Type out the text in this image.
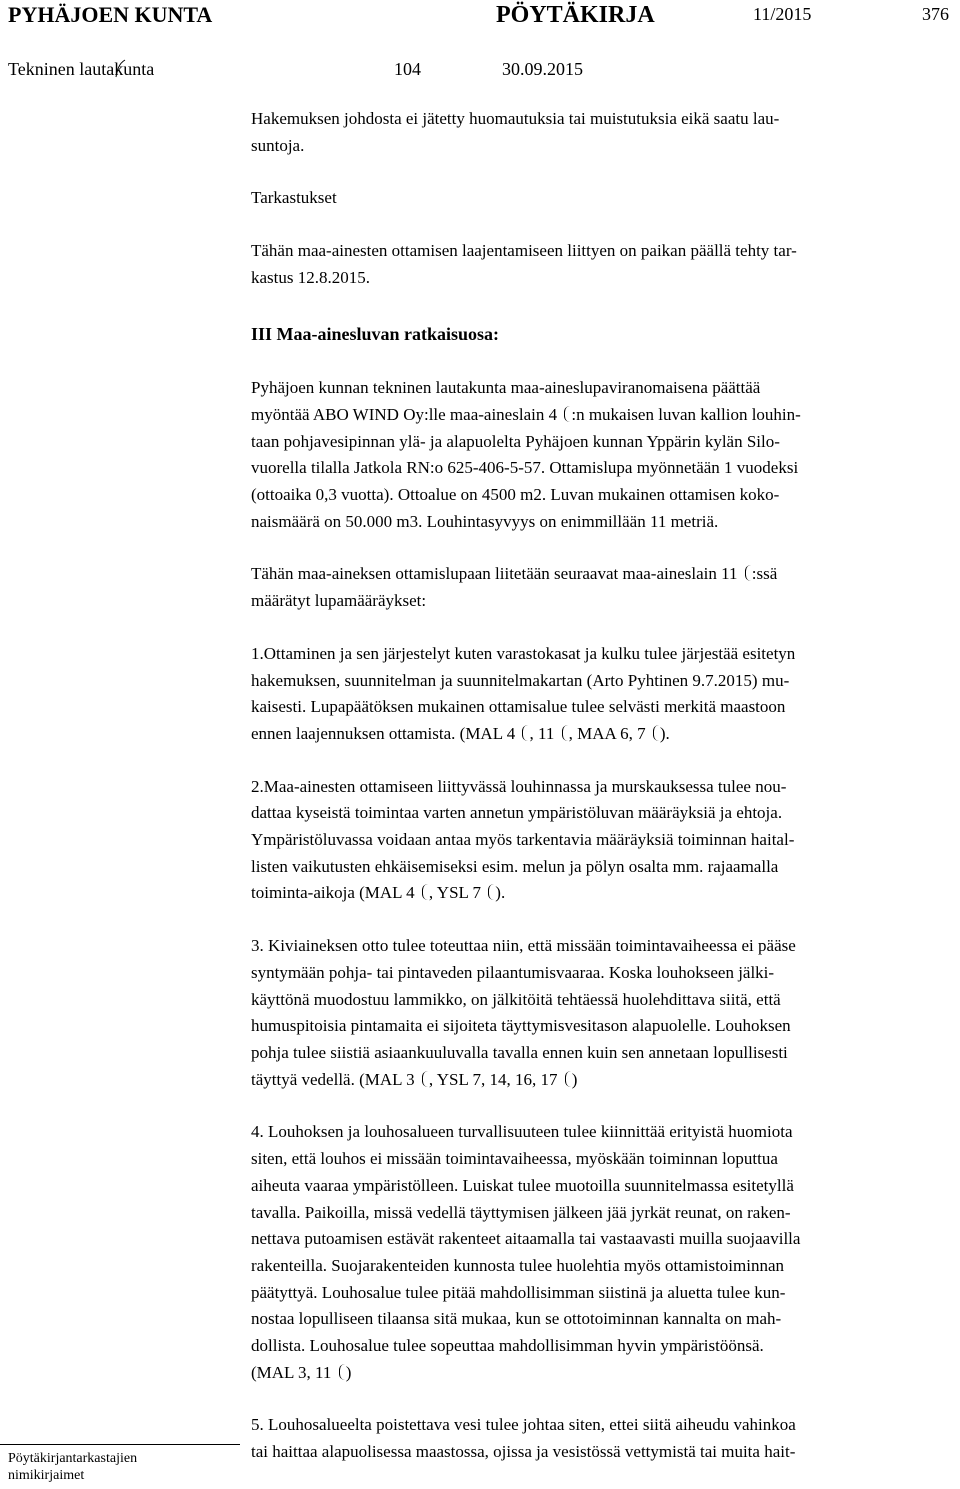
PYHÄJOEN KUNTA	PÖYTÄKIRJA	11/2015	376
Tekninen lautakunta	104	30.09.2015
Hakemuksen johdosta ei jätetty huomautuksia tai muistutuksia eikä saatu lau-
suntoja.
Tarkastukset
Tähän maa-ainesten ottamisen laajentamiseen liittyen on paikan päällä tehty tar-
kastus 12.8.2015.
III Maa-ainesluvan ratkaisuosa:
Pyhäjoen kunnan tekninen lautakunta maa-aineslupaviranomaisena päättää
myöntää ABO WIND Oy:lle maa-aineslain 4 :n mukaisen luvan kallion louhin-
taan pohjavesipinnan ylä- ja alapuolelta Pyhäjoen kunnan Yppärin kylän Silo-
vuorella tilalla Jatkola RN:o 625-406-5-57. Ottamislupa myönnetään 1 vuodeksi
(ottoaika 0,3 vuotta). Ottoalue on 4500 m2. Luvan mukainen ottamisen koko-
naismäärä on 50.000 m3. Louhintasyvyys on enimmillään 11 metriä.
Tähän maa-aineksen ottamislupaan liitetään seuraavat maa-aineslain 11 :ssä
määrätyt lupamääräykset:
1.Ottaminen ja sen järjestelyt kuten varastokasat ja kulku tulee järjestää esitetyn
hakemuksen, suunnitelman ja suunnitelmakartan (Arto Pyhtinen 9.7.2015) mu-
kaisesti. Lupapäätöksen mukainen ottamisalue tulee selvästi merkitä maastoon
ennen laajennuksen ottamista. (MAL 4 , 11 , MAA 6, 7 ).
2.Maa-ainesten ottamiseen liittyvässä louhinnassa ja murskauksessa tulee nou-
dattaa kyseistä toimintaa varten annetun ympäristöluvan määräyksiä ja ehtoja.
Ympäristöluvassa voidaan antaa myös tarkentavia määräyksiä toiminnan haital-
listen vaikutusten ehkäisemiseksi esim. melun ja pölyn osalta mm. rajaamalla
toiminta-aikoja (MAL 4 , YSL 7 ).
3. Kiviaineksen otto tulee toteuttaa niin, että missään toimintavaiheessa ei pääse
syntymään pohja- tai pintaveden pilaantumisvaaraa. Koska louhokseen jälki-
käyttönä muodostuu lammikko, on jälkitöitä tehtäessä huolehdittava siitä, että
humuspitoisia pintamaita ei sijoiteta täyttymisvesitason alapuolelle. Louhoksen
pohja tulee siistiä asiaankuuluvalla tavalla ennen kuin sen annetaan lopullisesti
täyttyä vedellä. (MAL 3 , YSL 7, 14, 16, 17 )
4. Louhoksen ja louhosalueen turvallisuuteen tulee kiinnittää erityistä huomiota
siten, että louhos ei missään toimintavaiheessa, myöskään toiminnan loputtua
aiheuta vaaraa ympäristölleen. Luiskat tulee muotoilla suunnitelmassa esitetyllä
tavalla. Paikoilla, missä vedellä täyttymisen jälkeen jää jyrkät reunat, on raken-
nettava putoamisen estävät rakenteet aitaamalla tai vastaavasti muilla suojaavilla
rakenteilla. Suojarakenteiden kunnosta tulee huolehtia myös ottamistoiminnan
päätyttyä. Louhosalue tulee pitää mahdollisimman siistinä ja aluetta tulee kun-
nostaa lopulliseen tilaansa sitä mukaa, kun se ottotoiminnan kannalta on mah-
dollista. Louhosalue tulee sopeuttaa mahdollisimman hyvin ympäristöönsä.
(MAL 3, 11 )
5. Louhosalueelta poistettava vesi tulee johtaa siten, ettei siitä aiheudu vahinkoa
tai haittaa alapuolisessa maastossa, ojissa ja vesistössä vettymistä tai muita hait-
Pöytäkirjantarkastajien
nimikirjaimet
